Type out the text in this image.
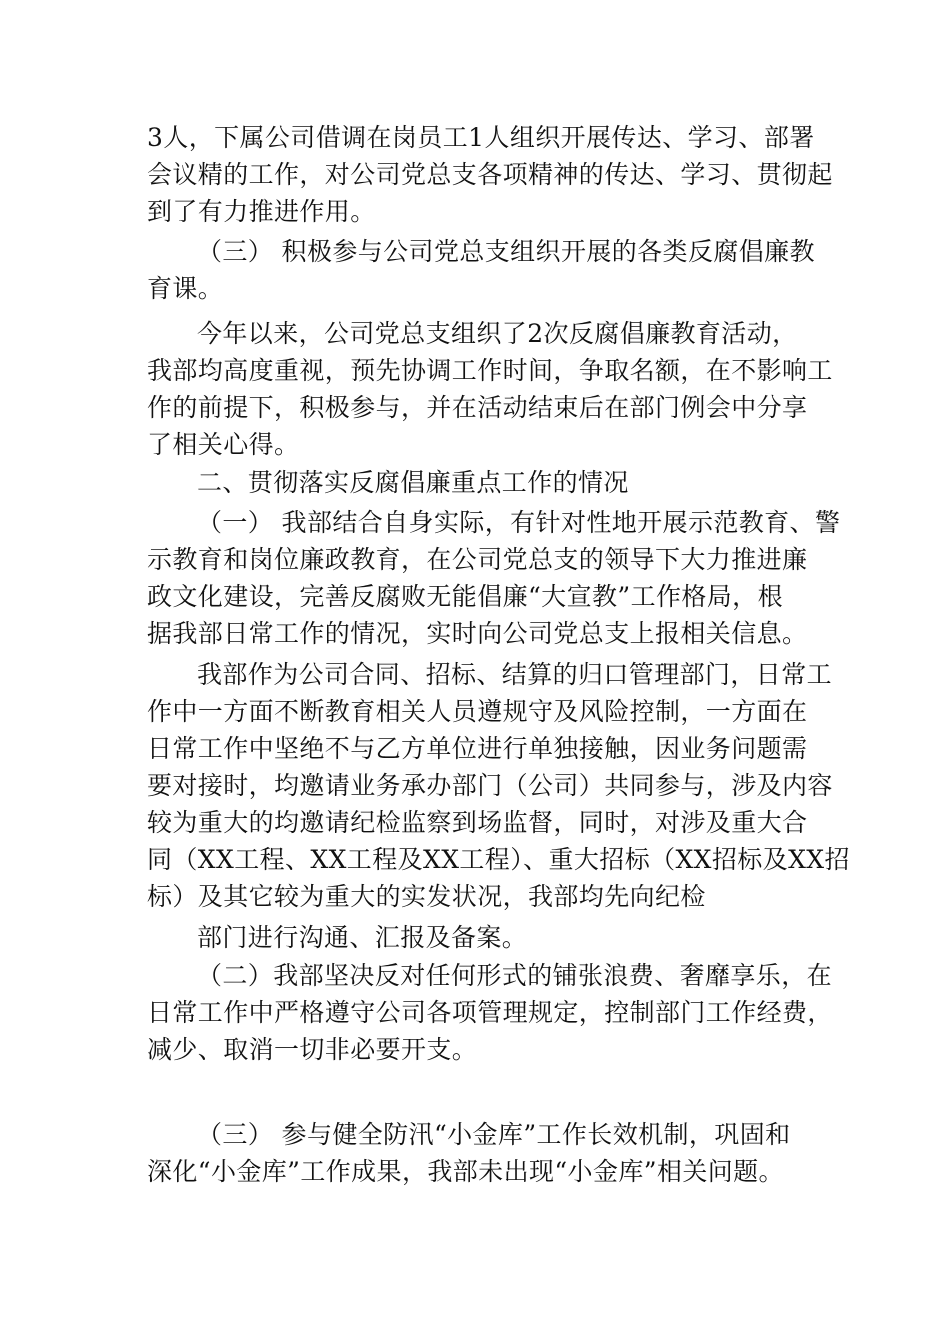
3人，下属公司借调在岗员工1人组织开展传达、学习、部署
会议精的工作，对公司党总支各项精神的传达、学习、贯彻起
到了有力推进作用。
（三） 积极参与公司党总支组织开展的各类反腐倡廉教
育课。
今年以来，公司党总支组织了2次反腐倡廉教育活动，
我部均高度重视，预先协调工作时间，争取名额，在不影响工
作的前提下，积极参与，并在活动结束后在部门例会中分享
了相关心得。
二、贯彻落实反腐倡廉重点工作的情况
（一） 我部结合自身实际，有针对性地开展示范教育、警
示教育和岗位廉政教育，在公司党总支的领导下大力推进廉
政文化建设，完善反腐败无能倡廉“大宣教”工作格局，根
据我部日常工作的情况，实时向公司党总支上报相关信息。
我部作为公司合同、招标、结算的归口管理部门，日常工
作中一方面不断教育相关人员遵规守及风险控制，一方面在
日常工作中坚绝不与乙方单位进行单独接触，因业务问题需
要对接时，均邀请业务承办部门（公司）共同参与，涉及内容
较为重大的均邀请纪检监察到场监督，同时，对涉及重大合
同（XX工程、XX工程及XX工程）、重大招标（XX招标及XX招
标）及其它较为重大的实发状况，我部均先向纪检
部门进行沟通、汇报及备案。
（二）我部坚决反对任何形式的铺张浪费、奢靡享乐，在
日常工作中严格遵守公司各项管理规定，控制部门工作经费，
减少、取消一切非必要开支。
（三） 参与健全防汛“小金库”工作长效机制，巩固和
深化“小金库”工作成果，我部未出现“小金库”相关问题。
